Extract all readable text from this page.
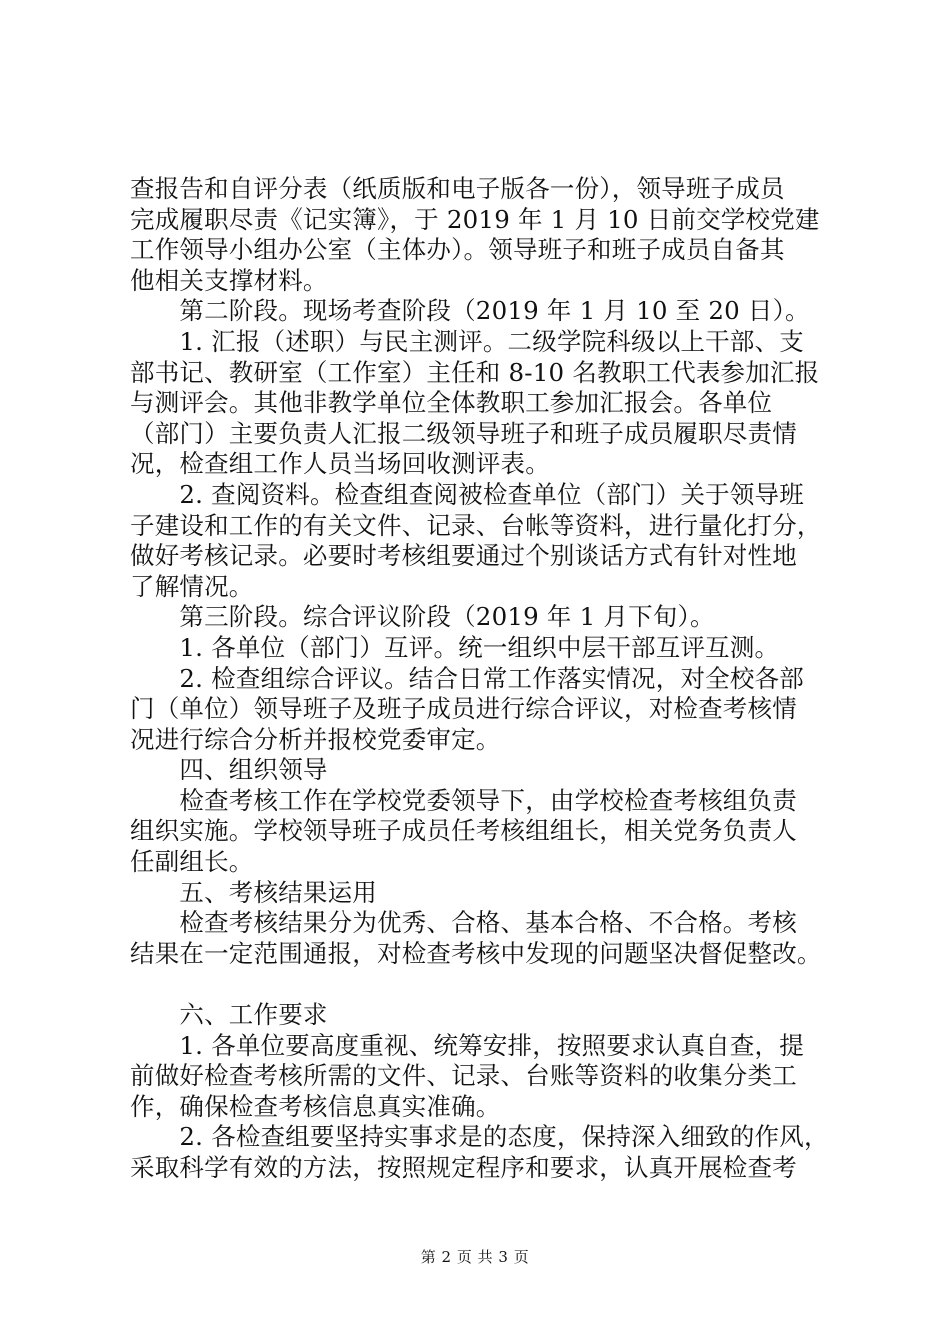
查报告和自评分表（纸质版和电子版各一份），领导班子成员
完成履职尽责《记实簿》，于 2019 年 1 月 10 日前交学校党建
工作领导小组办公室（主体办）。领导班子和班子成员自备其
他相关支撑材料。
　　第二阶段。现场考查阶段（2019 年 1 月 10 至 20 日）。
　　1. 汇报（述职）与民主测评。二级学院科级以上干部、支
部书记、教研室（工作室）主任和 8-10 名教职工代表参加汇报
与测评会。其他非教学单位全体教职工参加汇报会。各单位
（部门）主要负责人汇报二级领导班子和班子成员履职尽责情
况，检查组工作人员当场回收测评表。
　　2. 查阅资料。检查组查阅被检查单位（部门）关于领导班
子建设和工作的有关文件、记录、台帐等资料，进行量化打分，
做好考核记录。必要时考核组要通过个别谈话方式有针对性地
了解情况。
　　第三阶段。综合评议阶段（2019 年 1 月下旬）。
　　1. 各单位（部门）互评。统一组织中层干部互评互测。
　　2. 检查组综合评议。结合日常工作落实情况，对全校各部
门（单位）领导班子及班子成员进行综合评议，对检查考核情
况进行综合分析并报校党委审定。
　　四、组织领导
　　检查考核工作在学校党委领导下，由学校检查考核组负责
组织实施。学校领导班子成员任考核组组长，相关党务负责人
任副组长。
　　五、考核结果运用
　　检查考核结果分为优秀、合格、基本合格、不合格。考核
结果在一定范围通报，对检查考核中发现的问题坚决督促整改。
　　六、工作要求
　　1. 各单位要高度重视、统筹安排，按照要求认真自查，提
前做好检查考核所需的文件、记录、台账等资料的收集分类工
作，确保检查考核信息真实准确。
　　2. 各检查组要坚持实事求是的态度，保持深入细致的作风，
采取科学有效的方法，按照规定程序和要求，认真开展检查考
第 2 页 共 3 页
